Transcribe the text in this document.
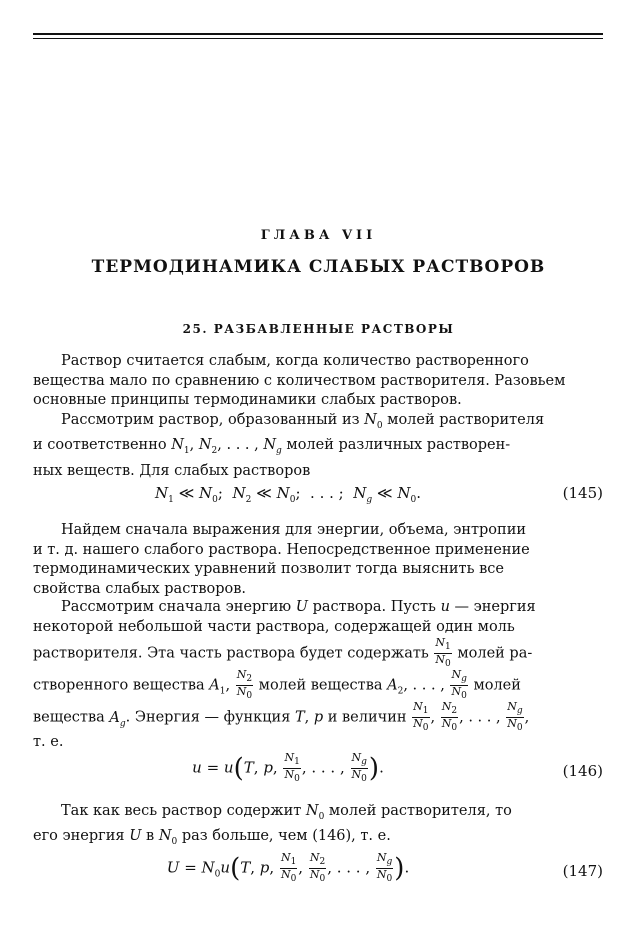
ГЛАВА VII
ТЕРМОДИНАМИКА СЛАБЫХ РАСТВОРОВ
25. РАЗБАВЛЕННЫЕ РАСТВОРЫ
Раствор считается слабым, когда количество растворенного
вещества мало по сравнению с количеством растворителя. Разовьем
основные принципы термодинамики слабых растворов.
Рассмотрим раствор, образованный из $N_0$ молей растворителя
и соответственно $N_1$, $N_2$, . . . , $N_g$ молей различных растворен-
ных веществ. Для слабых растворов
$N_1$ ≪ $N_0$;  $N_2$ ≪ $N_0$;  . . . ;  $N_g$ ≪ $N_0$.	(145)
Найдем сначала выражения для энергии, объема, энтропии
и т. д. нашего слабого раствора. Непосредственное применение
термодинамических уравнений позволит тогда выяснить все
свойства слабых растворов.
Рассмотрим сначала энергию U раствора. Пусть u — энергия
некоторой небольшой части раствора, содержащей один моль
растворителя. Эта часть раствора будет содержать $\frac{N_1}{N_0}$ молей ра-
створенного вещества $A_1$, $\frac{N_2}{N_0}$ молей вещества $A_2$, . . . , $\frac{N_g}{N_0}$ молей
вещества $A_g$. Энергия — функция T, p и величин $\frac{N_1}{N_0}$ , $\frac{N_2}{N_0}$ , . . . , $\frac{N_g}{N_0}$ ,
т. е.
u = u(T, p, $\frac{N_1}{N_0}$ , . . . , $\frac{N_g}{N_0}$ ).	(146)
Так как весь раствор содержит $N_0$ молей растворителя, то
его энергия U в $N_0$ раз больше, чем (146), т. е.
$U = N_0u(T$, p, $\frac{N_1}{N_0}$ , $\frac{N_2}{N_0}$ , . . . , $\frac{N_g}{N_0}$ ).	(147)
